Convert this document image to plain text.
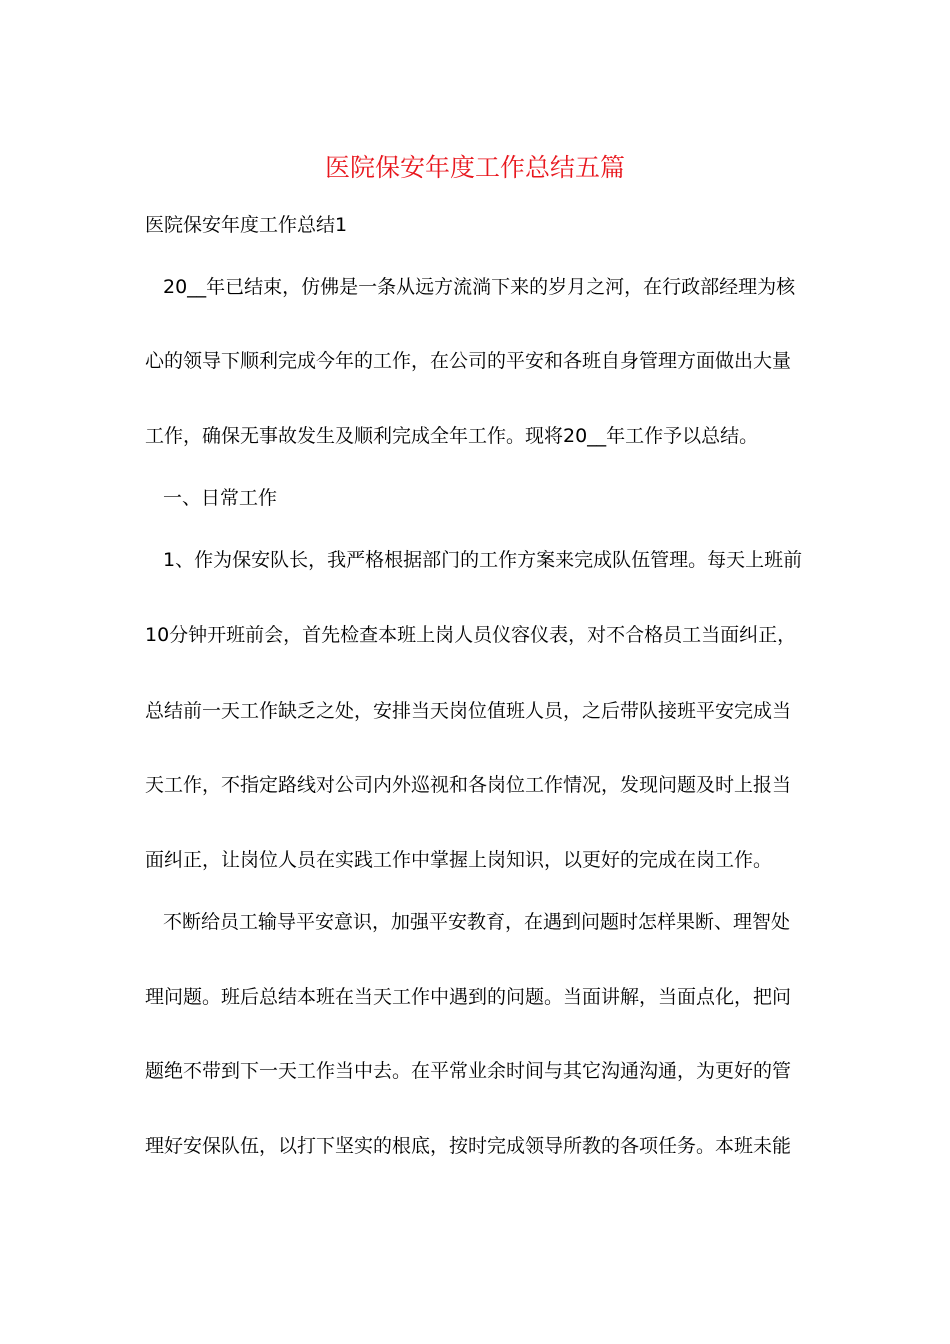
医院保安年度工作总结五篇
医院保安年度工作总结1
20__年已结束，仿佛是一条从远方流淌下来的岁月之河，在行政部经理为核
心的领导下顺利完成今年的工作，在公司的平安和各班自身管理方面做出大量
工作，确保无事故发生及顺利完成全年工作。现将20__年工作予以总结。
一、日常工作
1、作为保安队长，我严格根据部门的工作方案来完成队伍管理。每天上班前
10分钟开班前会，首先检查本班上岗人员仪容仪表，对不合格员工当面纠正，
总结前一天工作缺乏之处，安排当天岗位值班人员，之后带队接班平安完成当
天工作，不指定路线对公司内外巡视和各岗位工作情况，发现问题及时上报当
面纠正，让岗位人员在实践工作中掌握上岗知识，以更好的完成在岗工作。
不断给员工输导平安意识，加强平安教育，在遇到问题时怎样果断、理智处
理问题。班后总结本班在当天工作中遇到的问题。当面讲解，当面点化，把问
题绝不带到下一天工作当中去。在平常业余时间与其它沟通沟通，为更好的管
理好安保队伍，以打下坚实的根底，按时完成领导所教的各项任务。本班未能
